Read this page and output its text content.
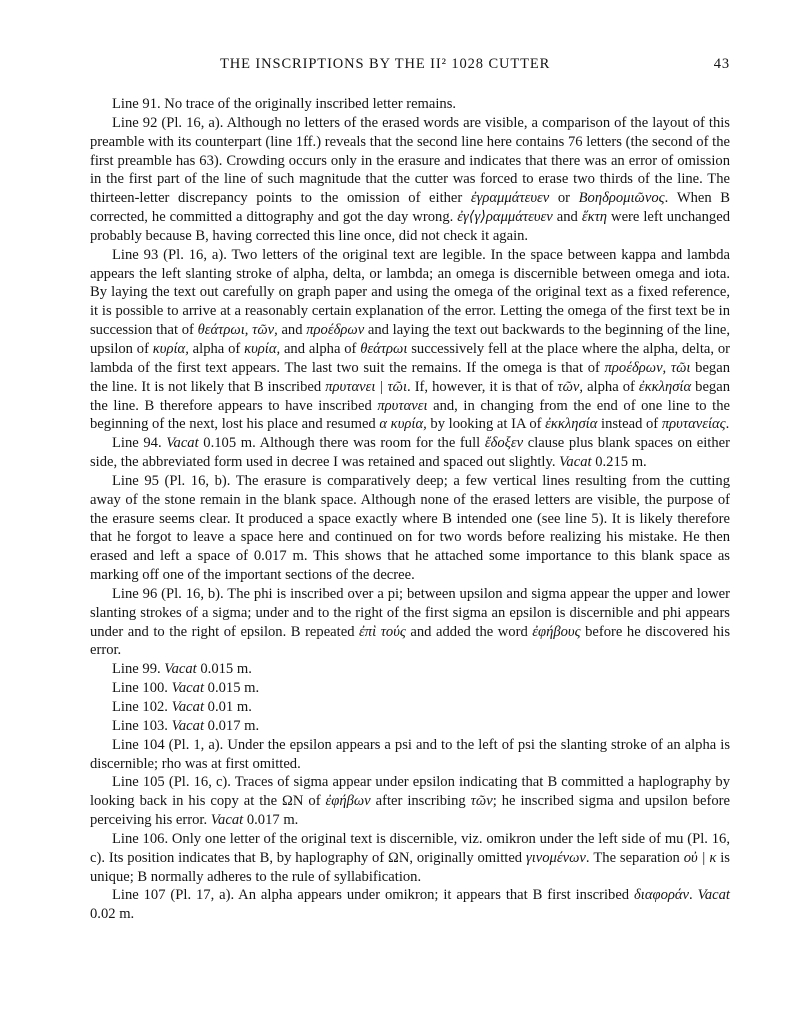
THE INSCRIPTIONS BY THE II² 1028 CUTTER	43

Line 91. No trace of the originally inscribed letter remains.

Line 92 (Pl. 16, a). Although no letters of the erased words are visible, a comparison of the layout of this preamble with its counterpart (line 1ff.) reveals that the second line here contains 76 letters (the second of the first preamble has 63). Crowding occurs only in the erasure and indicates that there was an error of omission in the first part of the line of such magnitude that the cutter was forced to erase two thirds of the line. The thirteen-letter discrepancy points to the omission of either ἐγραμμάτευεν or Βοηδρομιῶνος. When B corrected, he committed a dittography and got the day wrong. ἐγ⟨γ⟩ραμμάτευεν and ἕκτη were left unchanged probably because B, having corrected this line once, did not check it again.

Line 93 (Pl. 16, a). Two letters of the original text are legible. In the space between kappa and lambda appears the left slanting stroke of alpha, delta, or lambda; an omega is discernible between omega and iota. By laying the text out carefully on graph paper and using the omega of the original text as a fixed reference, it is possible to arrive at a reasonably certain explanation of the error. Letting the omega of the first text be in succession that of θεάτρωι, τῶν, and προέδρων and laying the text out backwards to the beginning of the line, upsilon of κυρία, alpha of κυρία, and alpha of θεάτρωι successively fell at the place where the alpha, delta, or lambda of the first text appears. The last two suit the remains. If the omega is that of προέδρων, τῶι began the line. It is not likely that B inscribed πρυτανει | τῶι. If, however, it is that of τῶν, alpha of ἐκκλησία began the line. B therefore appears to have inscribed πρυτανει and, in changing from the end of one line to the beginning of the next, lost his place and resumed α κυρία, by looking at ΙΑ of ἐκκλησία instead of πρυτανείας.

Line 94. Vacat 0.105 m. Although there was room for the full ἔδοξεν clause plus blank spaces on either side, the abbreviated form used in decree I was retained and spaced out slightly. Vacat 0.215 m.

Line 95 (Pl. 16, b). The erasure is comparatively deep; a few vertical lines resulting from the cutting away of the stone remain in the blank space. Although none of the erased letters are visible, the purpose of the erasure seems clear. It produced a space exactly where B intended one (see line 5). It is likely therefore that he forgot to leave a space here and continued on for two words before realizing his mistake. He then erased and left a space of 0.017 m. This shows that he attached some importance to this blank space as marking off one of the important sections of the decree.

Line 96 (Pl. 16, b). The phi is inscribed over a pi; between upsilon and sigma appear the upper and lower slanting strokes of a sigma; under and to the right of the first sigma an epsilon is discernible and phi appears under and to the right of epsilon. B repeated ἐπὶ τούς and added the word ἐφήβους before he discovered his error.

Line 99. Vacat 0.015 m.

Line 100. Vacat 0.015 m.

Line 102. Vacat 0.01 m.

Line 103. Vacat 0.017 m.

Line 104 (Pl. 1, a). Under the epsilon appears a psi and to the left of psi the slanting stroke of an alpha is discernible; rho was at first omitted.

Line 105 (Pl. 16, c). Traces of sigma appear under epsilon indicating that B committed a haplography by looking back in his copy at the ΩΝ of ἐφήβων after inscribing τῶν; he inscribed sigma and upsilon before perceiving his error. Vacat 0.017 m.

Line 106. Only one letter of the original text is discernible, viz. omikron under the left side of mu (Pl. 16, c). Its position indicates that B, by haplography of ΩΝ, originally omitted γινομένων. The separation οὐ | κ is unique; B normally adheres to the rule of syllabification.

Line 107 (Pl. 17, a). An alpha appears under omikron; it appears that B first inscribed διαφοράν. Vacat 0.02 m.
